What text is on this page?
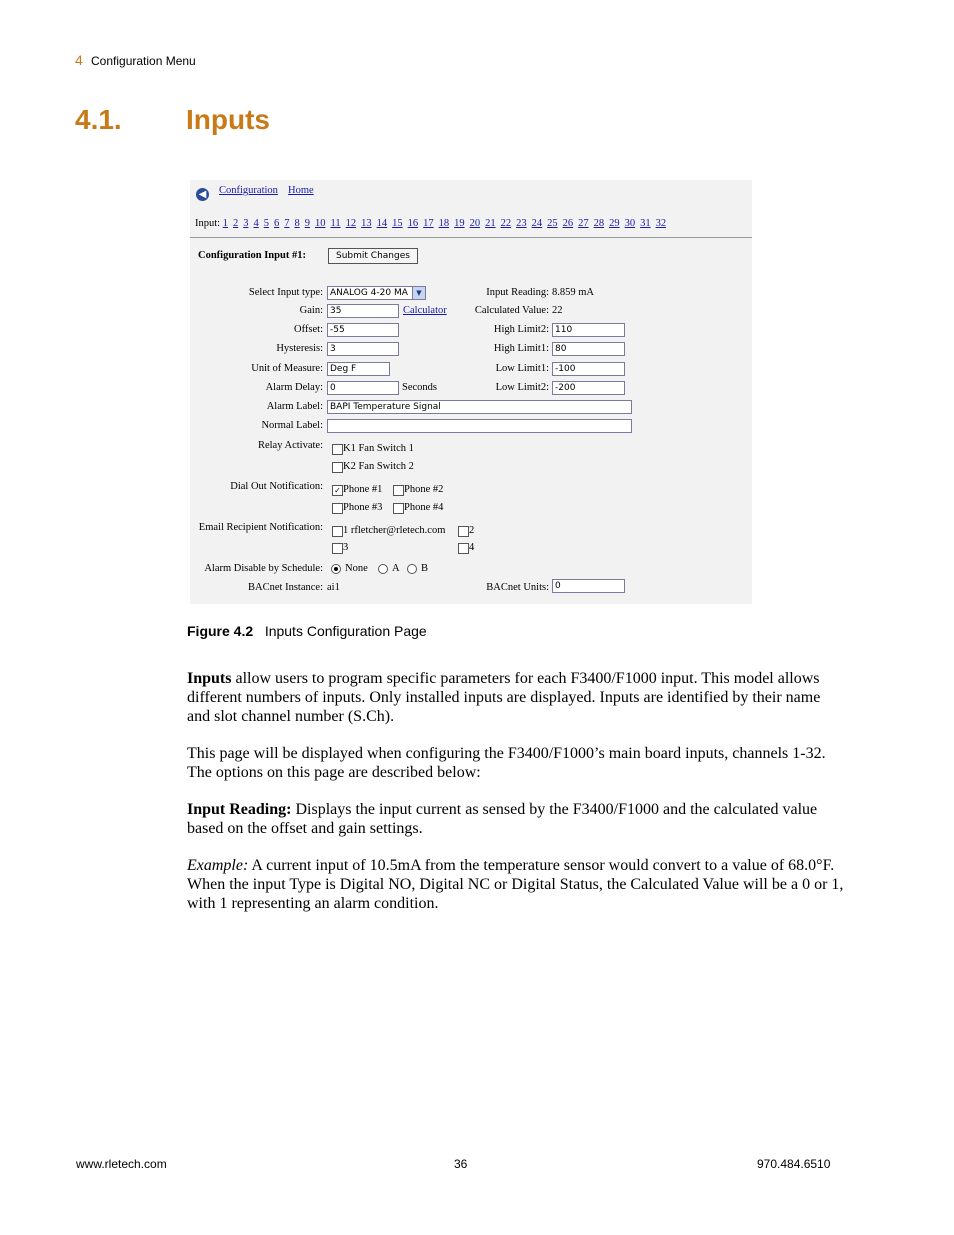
4 Configuration Menu
4.1. Inputs
◀ Configuration Home
Input: 1 2 3 4 5 6 7 8 9 10 11 12 13 14 15 16 17 18 19 20 21 22 23 24 25 26 27 28 29 30 31 32
Configuration Input #1:	Submit Changes
Select Input type: ANALOG 4-20 MA	▼
Gain:
35	Calculator
Offset:
-55
Hysteresis:
3
Unit of Measure:
Deg F
Alarm Delay:
0	Seconds
Alarm Label:
BAPI Temperature Signal
Normal Label:
Input Reading: 8.859 mA
Calculated Value: 22
High Limit2:
110
High Limit1:
80
Low Limit1:
-100
Low Limit2:
-200
Relay Activate: K1 Fan Switch 1
K2 Fan Switch 2
Dial Out Notification: ✓ Phone #1 Phone #2
Phone #3 Phone #4
Email Recipient Notification: 1 rfletcher@rletech.com 2
3	4
Alarm Disable by Schedule: None A B
BACnet Instance: ai1	BACnet Units:
0
Figure 4.2 Inputs Configuration Page
Inputs allow users to program specific parameters for each F3400/F1000 input. This model allows different numbers of inputs. Only installed inputs are displayed. Inputs are identified by their name and slot channel number (S.Ch).
This page will be displayed when configuring the F3400/F1000’s main board inputs, channels 1-32. The options on this page are described below:
Input Reading: Displays the input current as sensed by the F3400/F1000 and the calculated value based on the offset and gain settings.
Example: A current input of 10.5mA from the temperature sensor would convert to a value of 68.0°F. When the input Type is Digital NO, Digital NC or Digital Status, the Calculated Value will be a 0 or 1, with 1 representing an alarm condition.
www.rletech.com	36	970.484.6510
